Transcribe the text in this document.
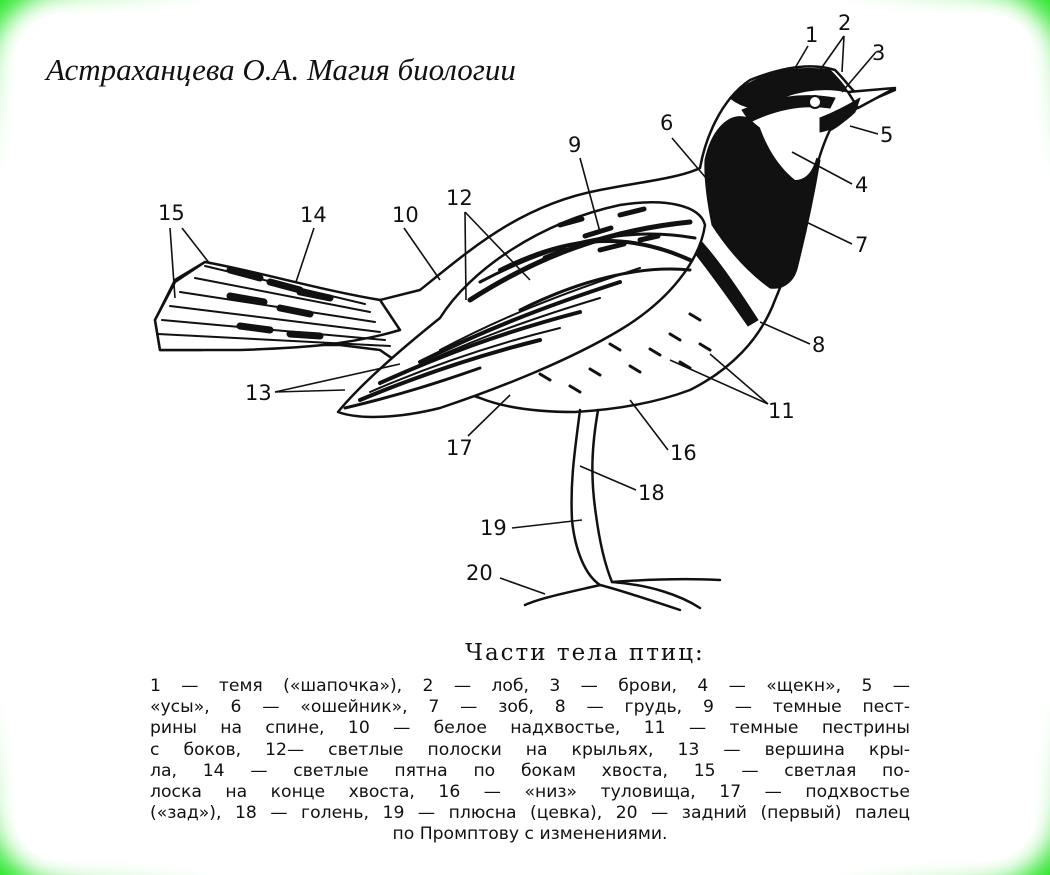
Астраханцева О.А. Магия биологии
1 2
3
4
5
6
7
8
9
10
11
12
13
14
15
16
17
18
19
20
Части тела птиц:
1 — темя («шапочка»), 2 — лоб, 3 — брови, 4 — «щекн», 5 —
«усы», 6 — «ошейник», 7 — зоб, 8 — грудь, 9 — темные пест-
рины на спине, 10 — белое надхвостье, 11 — темные пестрины
с боков, 12— светлые полоски на крыльях, 13 — вершина кры-
ла, 14 — светлые пятна по бокам хвоста, 15 — светлая по-
лоска на конце хвоста, 16 — «низ» туловища, 17 — подхвостье
(«зад»), 18 — голень, 19 — плюсна (цевка), 20 — задний (первый) палец
по Промптову с изменениями.
